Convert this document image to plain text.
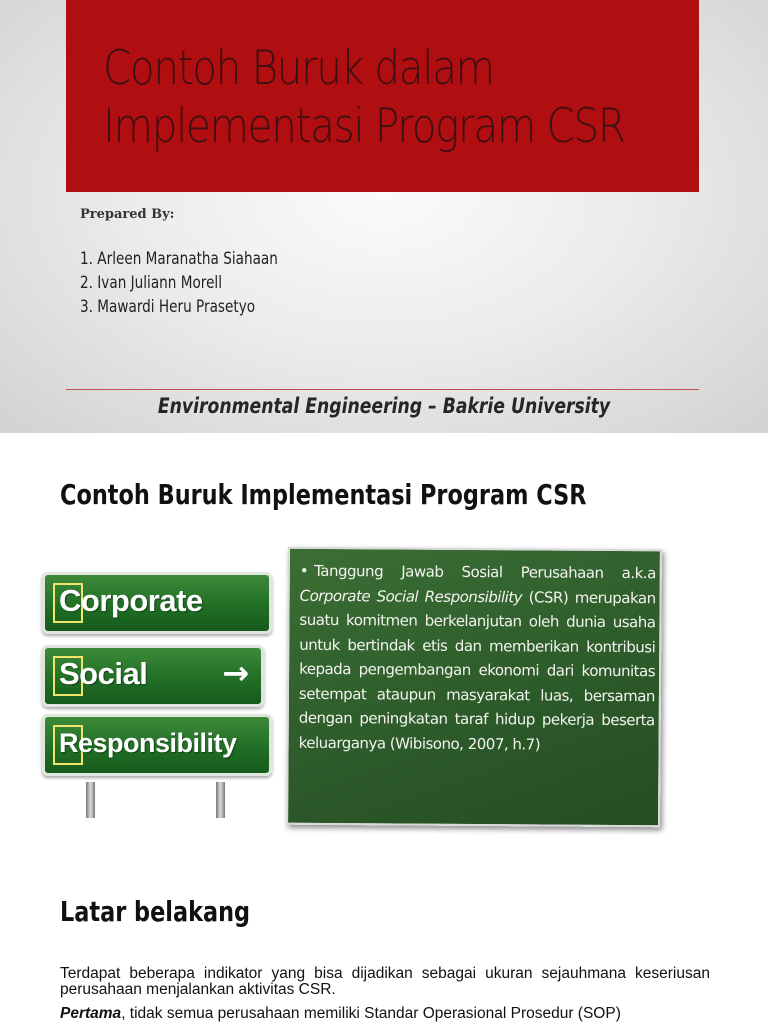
Contoh Buruk dalam
Implementasi Program CSR
Prepared By:
1. Arleen Maranatha Siahaan
2. Ivan Juliann Morell
3. Mawardi Heru Prasetyo
Environmental Engineering – Bakrie University
Contoh Buruk Implementasi Program CSR
Corporate
Social →
Responsibility

• Tanggung Jawab Sosial Perusahaan a.k.a Corporate Social Responsibility (CSR) merupakan suatu komitmen berkelanjutan oleh dunia usaha untuk bertindak etis dan memberikan kontribusi kepada pengembangan ekonomi dari komunitas setempat ataupun masyarakat luas, bersaman dengan peningkatan taraf hidup pekerja beserta keluarganya (Wibisono, 2007, h.7)

Latar belakang

Terdapat beberapa indikator yang bisa dijadikan sebagai ukuran sejauhmana keseriusan perusahaan menjalankan aktivitas CSR.

Pertama, tidak semua perusahaan memiliki Standar Operasional Prosedur (SOP)
